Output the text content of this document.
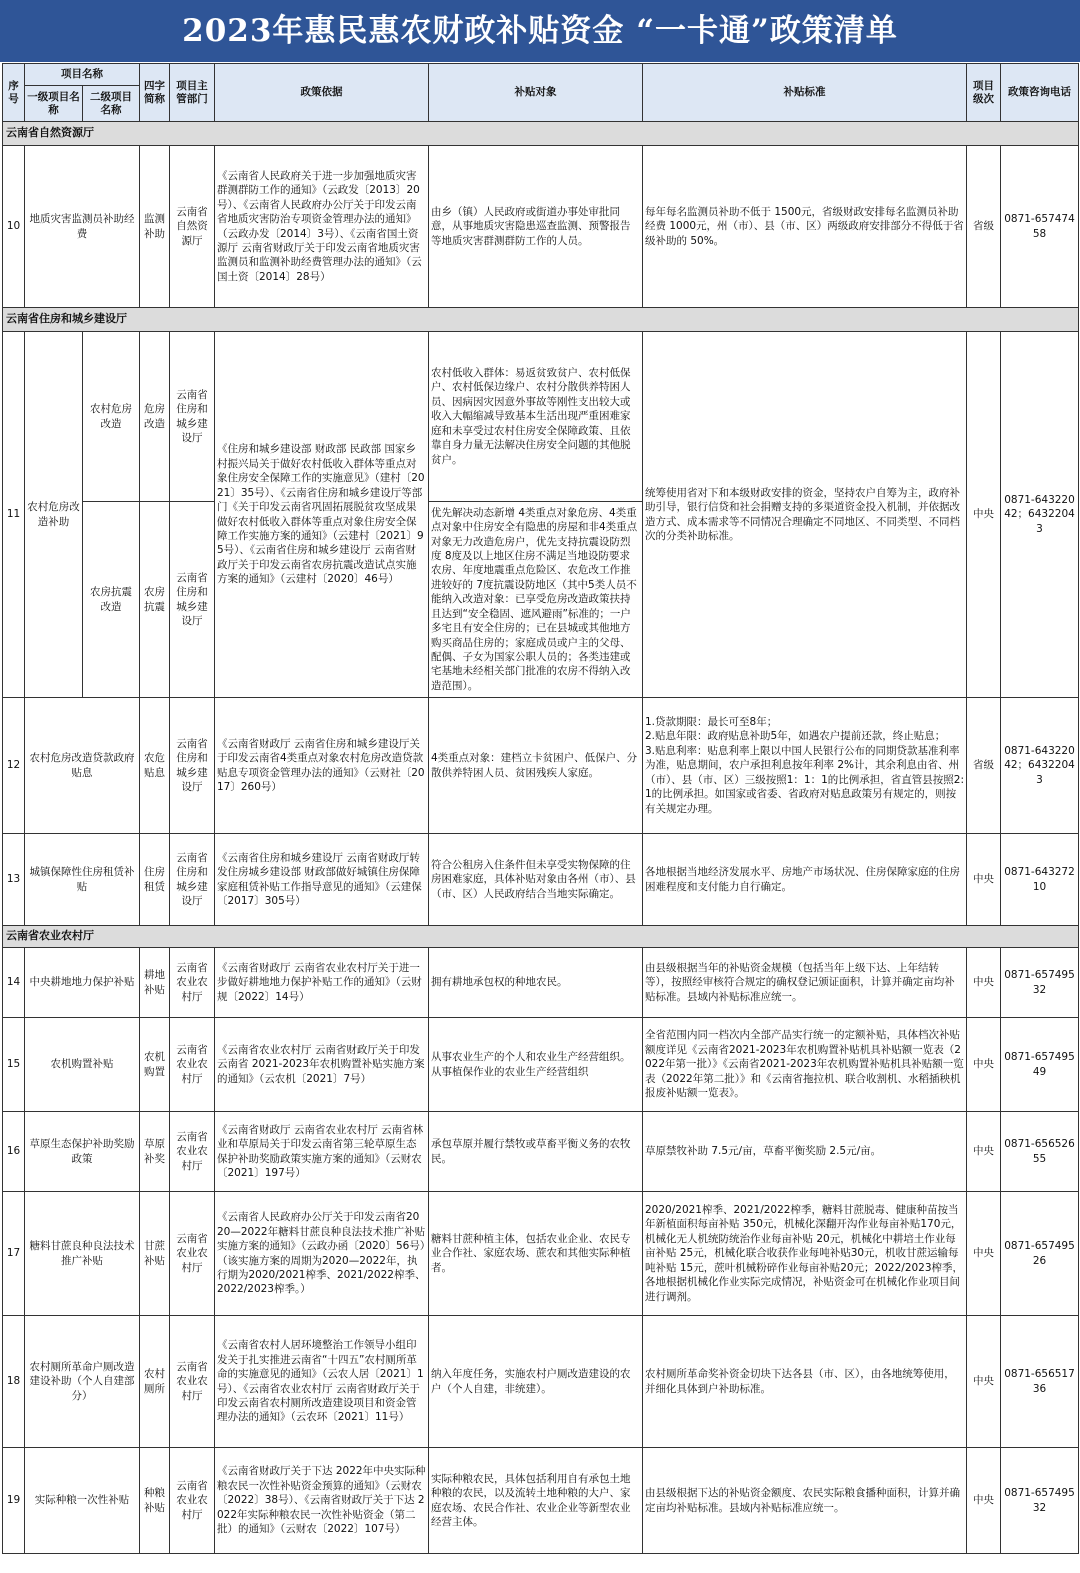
2023年惠民惠农财政补贴资金 “一卡通”政策清单
序号	项目名称		四字简称	项目主管部门	政策依据	补贴对象	补贴标准	项目级次	政策咨询电话
	一级项目名称	二级项目名称							
云南省自然资源厅									
10	地质灾害监测员补助经费		监测补助	云南省自然资源厅	《云南省人民政府关于进一步加强地质灾害群测群防工作的通知》（云政发〔2013〕20号）、《云南省人民政府办公厅关于印发云南省地质灾害防治专项资金管理办法的通知》（云政办发〔2014〕3号）、《云南省国土资源厅 云南省财政厅关于印发云南省地质灾害监测员和监测补助经费管理办法的通知》（云国土资〔2014〕28号）	由乡（镇）人民政府或街道办事处审批同意，从事地质灾害隐患巡查监测、预警报告等地质灾害群测群防工作的人员。	每年每名监测员补助不低于 1500元，省级财政安排每名监测员补助经费 1000元，州（市）、县（市、区）两级政府安排部分不得低于省级补助的 50%。	省级	0871-65747458
云南省住房和城乡建设厅									
11	农村危房改造补助	农村危房改造	危房改造	云南省住房和城乡建设厅	《住房和城乡建设部 财政部 民政部 国家乡村振兴局关于做好农村低收入群体等重点对象住房安全保障工作的实施意见》（建村〔2021〕35号）、《云南省住房和城乡建设厅等部门《关于印发云南省巩固拓展脱贫攻坚成果做好农村低收入群体等重点对象住房安全保障工作实施方案的通知》（云建村〔2021〕95号）、《云南省住房和城乡建设厅 云南省财政厅关于印发云南省农房抗震改造试点实施方案的通知》（云建村〔2020〕46号）	农村低收入群体：易返贫致贫户、农村低保户、农村低保边缘户、农村分散供养特困人员、因病因灾因意外事故等刚性支出较大或收入大幅缩减导致基本生活出现严重困难家庭和未享受过农村住房安全保障政策、且依靠自身力量无法解决住房安全问题的其他脱贫户。	统筹使用省对下和本级财政安排的资金，坚持农户自筹为主，政府补助引导，银行信贷和社会捐赠支持的多渠道资金投入机制，并依据改造方式、成本需求等不同情况合理确定不同地区、不同类型、不同档次的分类补助标准。	中央	0871-64322042；64322043
		农房抗震改造	农房抗震	云南省住房和城乡建设厅		优先解决动态新增 4类重点对象危房、4类重点对象中住房安全有隐患的房屋和非4类重点对象无力改造危房户，优先支持抗震设防烈度 8度及以上地区住房不满足当地设防要求农房、年度地震重点危险区、农危改工作推进较好的 7度抗震设防地区（其中5类人员不能纳入改造对象：已享受危房改造政策扶持且达到“安全稳固、遮风避雨”标准的；一户多宅且有安全住房的；已在县城或其他地方购买商品住房的；家庭成员或户主的父母、配偶、子女为国家公职人员的；各类违建或宅基地未经相关部门批准的农房不得纳入改造范围）。			
12	农村危房改造贷款政府贴息		农危贴息	云南省住房和城乡建设厅	《云南省财政厅 云南省住房和城乡建设厅关于印发云南省4类重点对象农村危房改造贷款贴息专项资金管理办法的通知》（云财社〔2017〕260号）	4类重点对象：建档立卡贫困户、低保户、分散供养特困人员、贫困残疾人家庭。	1.贷款期限：最长可至8年；
2.贴息年限：政府贴息补助5年，如遇农户提前还款，终止贴息；
3.贴息利率：贴息利率上限以中国人民银行公布的同期贷款基准利率为准，贴息期间，农户承担利息按年利率 2%计，其余利息由省、州（市）、县（市、区）三级按照1：1：1的比例承担，省直管县按照2:1的比例承担。如国家或省委、省政府对贴息政策另有规定的，则按有关规定办理。	省级	0871-64322042；64322043
13	城镇保障性住房租赁补贴		住房租赁	云南省住房和城乡建设厅	《云南省住房和城乡建设厅 云南省财政厅转发住房城乡建设部 财政部做好城镇住房保障家庭租赁补贴工作指导意见的通知》（云建保〔2017〕305号）	符合公租房入住条件但未享受实物保障的住房困难家庭，具体补贴对象由各州（市）、县（市、区）人民政府结合当地实际确定。	各地根据当地经济发展水平、房地产市场状况、住房保障家庭的住房困难程度和支付能力自行确定。	中央	0871-64327210
云南省农业农村厅									
14	中央耕地地力保护补贴		耕地补贴	云南省农业农村厅	《云南省财政厅 云南省农业农村厅关于进一步做好耕地地力保护补贴工作的通知》（云财规〔2022〕14号）	拥有耕地承包权的种地农民。	由县级根据当年的补贴资金规模（包括当年上级下达、上年结转等），按照经审核符合规定的确权登记颁证面积，计算并确定亩均补贴标准。县域内补贴标准应统一。	中央	0871-65749532
15	农机购置补贴		农机购置	云南省农业农村厅	《云南省农业农村厅 云南省财政厅关于印发云南省 2021-2023年农机购置补贴实施方案的通知》（云农机〔2021〕7号）	从事农业生产的个人和农业生产经营组织。从事植保作业的农业生产经营组织	全省范围内同一档次内全部产品实行统一的定额补贴，具体档次补贴额度详见《云南省2021-2023年农机购置补贴机具补贴额一览表（2022年第一批）》《云南省2021-2023年农机购置补贴机具补贴额一览表（2022年第二批）》和《云南省拖拉机、联合收割机、水稻插秧机报废补贴额一览表》。	中央	0871-65749549
16	草原生态保护补助奖励政策		草原补奖	云南省农业农村厅	《云南省财政厅 云南省农业农村厅 云南省林业和草原局关于印发云南省第三轮草原生态保护补助奖励政策实施方案的通知》（云财农〔2021〕197号）	承包草原并履行禁牧或草畜平衡义务的农牧民。	草原禁牧补助 7.5元/亩，草畜平衡奖励 2.5元/亩。	中央	0871-65652655
17	糖料甘蔗良种良法技术推广补贴		甘蔗补贴	云南省农业农村厅	《云南省人民政府办公厅关于印发云南省2020—2022年糖料甘蔗良种良法技术推广补贴实施方案的通知》（云政办函〔2020〕56号）（该实施方案的周期为2020—2022年，执行期为2020/2021榨季、2021/2022榨季、2022/2023榨季。）	糖料甘蔗种植主体，包括农业企业、农民专业合作社、家庭农场、蔗农和其他实际种植者。	2020/2021榨季、2021/2022榨季，糖料甘蔗脱毒、健康种苗按当年新植面积每亩补贴 350元，机械化深翻开沟作业每亩补贴170元，机械化无人机统防统治作业每亩补贴 20元，机械化中耕培土作业每亩补贴 25元，机械化联合收获作业每吨补贴30元，机收甘蔗运输每吨补贴 15元，蔗叶机械粉碎作业每亩补贴20元；2022/2023榨季，各地根据机械化作业实际完成情况，补贴资金可在机械化作业项目间进行调剂。	中央	0871-65749526
18	农村厕所革命户厕改造建设补助（个人自建部分）		农村厕所	云南省农业农村厅	《云南省农村人居环境整治工作领导小组印发关于扎实推进云南省“十四五”农村厕所革命的实施意见的通知》（云农人居〔2021〕1号）、《云南省农业农村厅 云南省财政厅关于印发云南省农村厕所改造建设项目和资金管理办法的通知》（云农环〔2021〕11号）	纳入年度任务，实施农村户厕改造建设的农户（个人自建，非统建）。	农村厕所革命奖补资金切块下达各县（市、区），由各地统筹使用，并细化具体到户补助标准。	中央	0871-65651736
19	实际种粮一次性补贴		种粮补贴	云南省农业农村厅	《云南省财政厅关于下达 2022年中央实际种粮农民一次性补贴资金预算的通知》（云财农〔2022〕38号）、《云南省财政厅关于下达 2022年实际种粮农民一次性补贴资金（第二批）的通知》（云财农〔2022〕107号）	实际种粮农民，具体包括利用自有承包土地种粮的农民，以及流转土地种粮的大户、家庭农场、农民合作社、农业企业等新型农业经营主体。	由县级根据下达的补贴资金额度、农民实际粮食播种面积，计算并确定亩均补贴标准。县域内补贴标准应统一。	中央	0871-65749532
